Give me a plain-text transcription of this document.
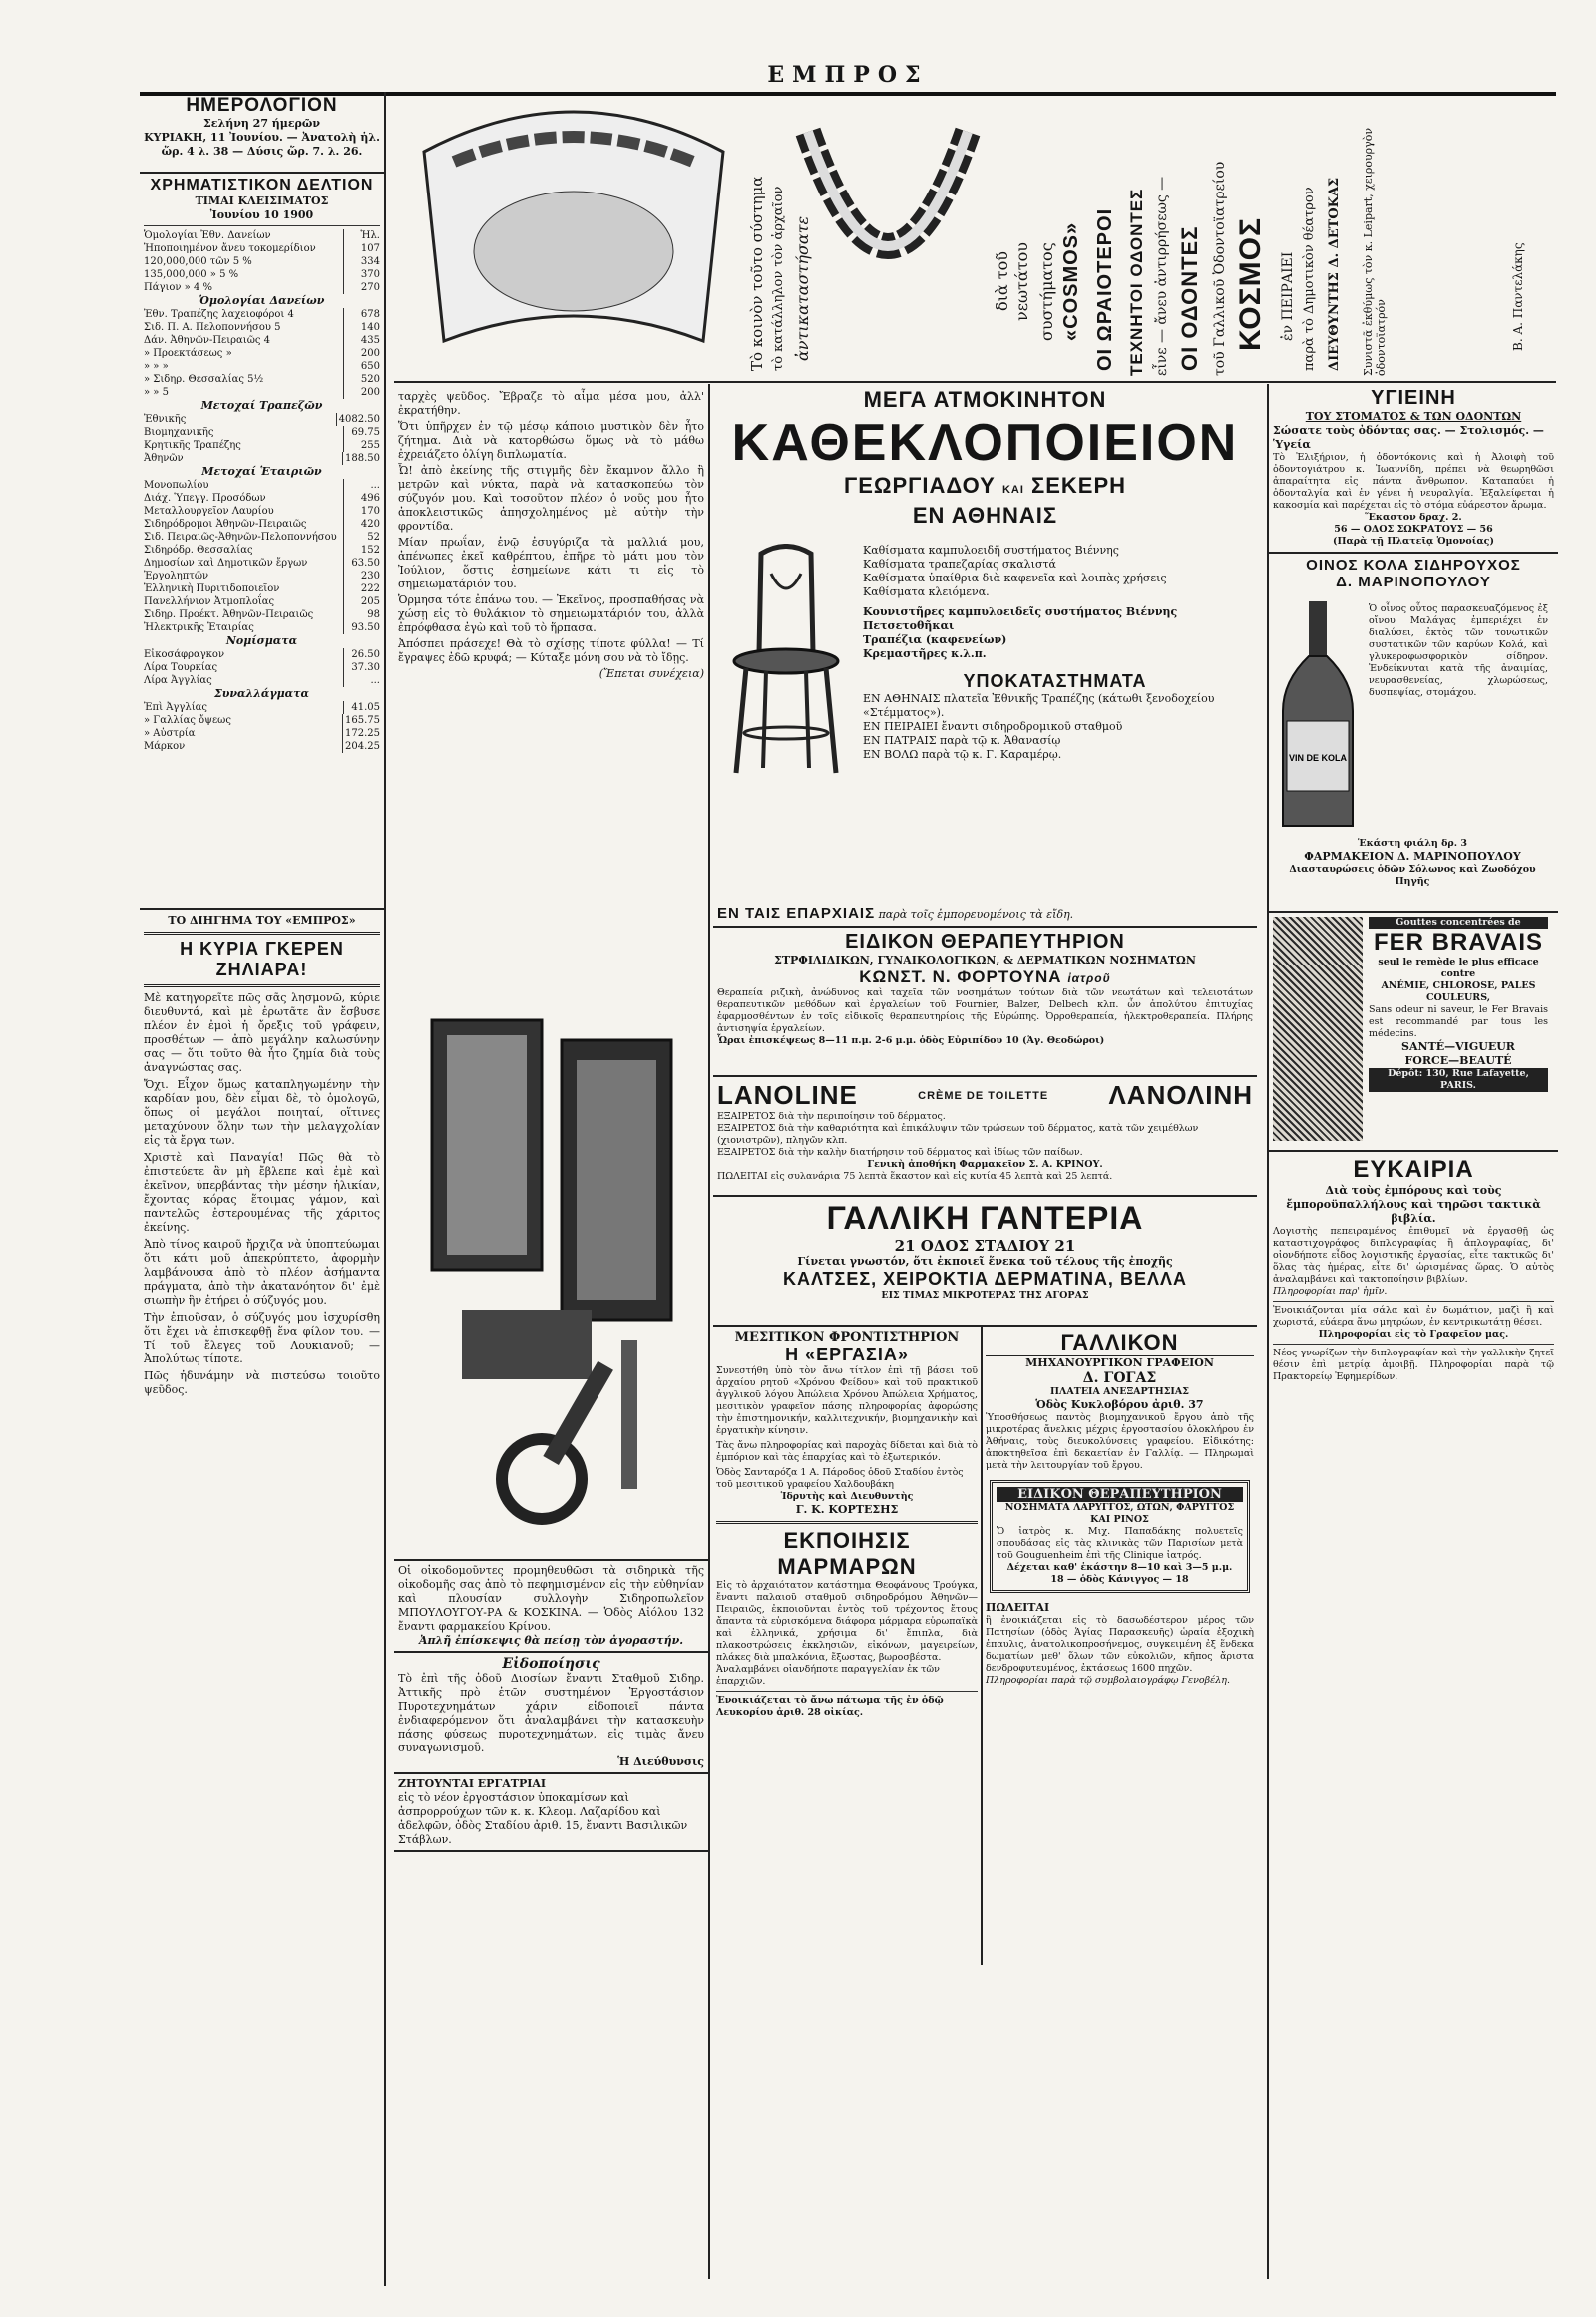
ΕΜΠΡΟΣ
ΗΜΕΡΟΛΟΓΙΟΝ
Σελήνη 27 ήμερῶν
ΚΥΡΙΑΚΗ, 11 Ἰουνίου. — Ἀνατολὴ ἡλ.
ὥρ. 4 λ. 38 — Δύσις ὥρ. 7. λ. 26.
ΧΡΗΜΑΤΙΣΤΙΚΟΝ ΔΕΛΤΙΟΝ
ΤΙΜΑΙ ΚΛΕΙΣΙΜΑΤΟΣ
Ἰουνίου 10 1900
Ὁμολογίαι Ἐθν. Δανείων	Ἡλ.
Ἡποποιημένον ἄνευ τοκομερίδιον	107
120,000,000 τῶν 5 %	334
135,000,000 » 5 %	370
Πάγιον » 4 %	270
Ὁμολογίαι Δανείων
Ἐθν. Τραπέζης λαχειοφόροι 4	678
Σιδ. Π. Α. Πελοποννήσου 5	140
Δάν. Ἀθηνῶν-Πειραιῶς 4	435
» Προεκτάσεως »	200
» » »	650
» Σιδηρ. Θεσσαλίας 5½	520
» » 5	200
Μετοχαί Τραπεζῶν
Ἐθνικῆς	4082.50
Βιομηχανικῆς	69.75
Κρητικῆς Τραπέζης	255
Ἀθηνῶν	188.50
Μετοχαί Ἑταιριῶν
Μονοπωλίου	...
Διάχ. Ὑπεγγ. Προσόδων	496
Μεταλλουργεῖον Λαυρίου	170
Σιδηρόδρομοι Ἀθηνῶν-Πειραιῶς	420
Σιδ. Πειραιῶς-Ἀθηνῶν-Πελοποννήσου	52
Σιδηρόδρ. Θεσσαλίας	152
Δημοσίων καὶ Δημοτικῶν ἔργων	63.50
Ἐργοληπτῶν	230
Ἑλληνικὴ Πυριτιδοποιεῖον	222
Πανελλήνιον Ἀτμοπλοΐας	205
Σιδηρ. Προέκτ. Ἀθηνῶν-Πειραιῶς	98
Ἠλεκτρικῆς Ἑταιρίας	93.50
Νομίσματα
Εἰκοσάφραγκον	26.50
Λίρα Τουρκίας	37.30
Λίρα Ἀγγλίας	...
Συναλλάγματα
Ἐπὶ Ἀγγλίας	41.05
» Γαλλίας ὄψεως	165.75
» Αὐστρία	172.25
Μάρκον	204.25
ΤΟ ΔΙΗΓΗΜΑ ΤΟΥ «ΕΜΠΡΟΣ»
Η ΚΥΡΙΑ ΓΚΕΡΕΝ ΖΗΛΙΑΡΑ!

Μὲ κατηγορεῖτε πῶς σᾶς λησμονῶ, κύριε διευθυντά, καὶ μὲ ἐρωτᾶτε ἂν ἔσβυσε πλέον ἐν ἐμοὶ ἡ ὄρεξις τοῦ γράφειν, προσθέτων — ἀπὸ μεγάλην καλωσύνην σας — ὅτι τοῦτο θὰ ἦτο ζημία διὰ τοὺς ἀναγνώστας σας.

Ὄχι. Εἶχον ὅμως καταπληγωμένην τὴν καρδίαν μου, δὲν εἶμαι δὲ, τὸ ὁμολογῶ, ὅπως οἱ μεγάλοι ποιηταί, οἵτινες μεταχύνουν ὅλην των τὴν μελαγχολίαν εἰς τὰ ἔργα των.

Χριστὲ καὶ Παναγία! Πῶς θὰ τὸ ἐπιστεύετε ἂν μὴ ἔβλεπε καὶ ἐμὲ καὶ ἐκεῖνον, ὑπερβάντας τὴν μέσην ἡλικίαν, ἔχοντας κόρας ἕτοιμας γάμον, καὶ παντελῶς ἐστερουμένας τῆς χάριτος ἐκείνης.

Ἀπὸ τίνος καιροῦ ἤρχιζα νὰ ὑποπτεύωμαι ὅτι κάτι μοῦ ἀπεκρύπτετο, ἀφορμὴν λαμβάνουσα ἀπὸ τὸ πλέον ἀσήμαντα πράγματα, ἀπὸ τὴν ἀκατανόητον δι' ἐμὲ σιωπὴν ἣν ἐτήρει ὁ σύζυγός μου.

Τὴν ἐπιοῦσαν, ὁ σύζυγός μου ἰσχυρίσθη ὅτι ἔχει νὰ ἐπισκεφθῇ ἕνα φίλον του. — Τί τοῦ ἔλεγες τοῦ Λουκιανοῦ; — Ἀπολύτως τίποτε.

Πῶς ἠδυνάμην νὰ πιστεύσω τοιοῦτο ψεῦδος.

Τὸ κοινὸν τοῦτο σύστημα τὸ κατάλληλον τὸν ἀρχαῖον ἀντικαταστήσατε	διὰ τοῦ νεωτάτου συστήματος «COSMOS» ΟΙ ΩΡΑΙΟΤΕΡΟΙ ΤΕΧΝΗΤΟΙ ΟΔΟΝΤΕΣ εἶνε — ἄνευ ἀντιρρήσεως — ΟΙ ΟΔΟΝΤΕΣ τοῦ Γαλλικοῦ Ὀδοντοϊατρείου ΚΟΣΜΟΣ ἐν ΠΕΙΡΑΙΕΙ παρὰ τὸ Δημοτικὸν θέατρον ΔΙΕΥΘΥΝΤΗΣ Δ. ΔΕΤΟΚΑΣ Συνιστᾶ ἐκθύμως τὸν κ. Leipart, χειρουργὸν ὀδοντοϊατρόν	Β. Α. Παντελάκης

ταρχὲς ψεῦδος. Ἔβραζε τὸ αἷμα μέσα μου, ἀλλ' ἐκρατήθην.

Ὅτι ὑπῆρχεν ἐν τῷ μέσῳ κάποιο μυστικὸν δὲν ἦτο ζήτημα. Διὰ νὰ κατορθώσω ὅμως νὰ τὸ μάθω ἐχρειάζετο ὀλίγη διπλωματία.

Ὦ! ἀπὸ ἐκείνης τῆς στιγμῆς δὲν ἔκαμνον ἄλλο ἢ μετρῶν καὶ νύκτα, παρὰ νὰ κατασκοπεύω τὸν σύζυγόν μου. Καὶ τοσοῦτον πλέον ὁ νοῦς μου ἦτο ἀποκλειστικῶς ἀπησχολημένος μὲ αὐτὴν τὴν φροντίδα.

Μίαν πρωΐαν, ἐνῷ ἐσυγύριζα τὰ μαλλιά μου, ἀπένωπες ἐκεῖ καθρέπτου, ἐπῆρε τὸ μάτι μου τὸν Ἰούλιον, ὅστις ἐσημείωνε κάτι τι εἰς τὸ σημειωματάριόν του.

Ὁρμησα τότε ἐπάνω του. — Ἐκεῖνος, προσπαθήσας νὰ χώσῃ εἰς τὸ θυλάκιον τὸ σημειωματάριόν του, ἀλλὰ ἐπρόφθασα ἐγὼ καὶ τοῦ τὸ ἥρπασα.

Ἀπόσπει πράσεχε! Θὰ τὸ σχίσῃς τίποτε φύλλα! — Τί ἔγραψες ἐδῶ κρυφά; — Κύταξε μόνη σου νὰ τὸ ἴδῃς.

(Ἔπεται συνέχεια)
Οἱ οἰκοδομοῦντες προμηθευθῶσι τὰ σιδηρικὰ τῆς οἰκοδομῆς σας ἀπὸ τὸ πεφημισμένον εἰς τὴν εὐθηνίαν καὶ πλουσίαν συλλογὴν Σιδηροπωλεῖον ΜΠΟΥΛΟΥΓΟΥ-ΡΑ & ΚΟΣΚΙΝΑ. — Ὁδὸς Αἰόλου 132 ἔναντι φαρμακείου Κρίνου.
Ἀπλῆ ἐπίσκεψις θὰ πείσῃ τὸν ἀγοραστήν.
Εἰδοποίησις
Τὸ ἐπὶ τῆς ὁδοῦ Διοσίων ἔναντι Σταθμοῦ Σιδηρ. Ἀττικῆς πρὸ ἐτῶν συστημένον Ἐργοστάσιον Πυροτεχνημάτων χάριν εἰδοποιεῖ πάντα ἐνδιαφερόμενον ὅτι ἀναλαμβάνει τὴν κατασκευὴν πάσης φύσεως πυροτεχνημάτων, εἰς τιμὰς ἄνευ συναγωνισμοῦ.
Ἡ Διεύθυνσις
ΖΗΤΟΥΝΤΑΙ ΕΡΓΑΤΡΙΑΙ
εἰς τὸ νέον ἐργοστάσιον ὑποκαμίσων καὶ ἀσπρορρούχων τῶν κ. κ. Κλεομ. Λαζαρίδου καὶ ἀδελφῶν, ὁδὸς Σταδίου ἀριθ. 15, ἔναντι Βασιλικῶν Στάβλων.
ΜΕΓΑ ΑΤΜΟΚΙΝΗΤΟΝ
ΚΑΘΕΚΛΟΠΟΙΕΙΟΝ
ΓΕΩΡΓΙΑΔΟΥ ΚΑΙ ΣΕΚΕΡΗ
ΕΝ ΑΘΗΝΑΙΣ
Καθίσματα καμπυλοειδῆ συστήματος Βιέννης
Καθίσματα τραπεζαρίας σκαλιστά
Καθίσματα ὑπαίθρια διὰ καφενεῖα καὶ λοιπὰς χρήσεις
Καθίσματα κλειόμενα.
Κουνιστῆρες καμπυλοειδεῖς συστήματος Βιέννης
Πετσετοθῆκαι
Τραπέζια (καφενείων)
Κρεμαστῆρες κ.λ.π.
ΥΠΟΚΑΤΑΣΤΗΜΑΤΑ
ΕΝ ΑΘΗΝΑΙΣ πλατεῖα Ἐθνικῆς Τραπέζης (κάτωθι ξενοδοχείου «Στέμματος»).
ΕΝ ΠΕΙΡΑΙΕΙ ἔναντι σιδηροδρομικοῦ σταθμοῦ
ΕΝ ΠΑΤΡΑΙΣ παρὰ τῷ κ. Ἀθανασίῳ
ΕΝ ΒΟΛΩ παρὰ τῷ κ. Γ. Καραμέρῳ.
ΕΝ ΤΑΙΣ ΕΠΑΡΧΙΑΙΣ παρὰ τοῖς ἐμπορευομένοις τὰ εἴδη.
ΕΙΔΙΚΟΝ ΘΕΡΑΠΕΥΤΗΡΙΟΝ
ΣΤΡΦΙΛΙΔΙΚΩΝ, ΓΥΝΑΙΚΟΛΟΓΙΚΩΝ, & ΔΕΡΜΑΤΙΚΩΝ ΝΟΣΗΜΑΤΩΝ
ΚΩΝΣΤ. Ν. ΦΟΡΤΟΥΝΑ ἰατροῦ
Θεραπεία ριζικὴ, ἀνώδυνος καὶ ταχεῖα τῶν νοσημάτων τούτων διὰ τῶν νεωτάτων καὶ τελειοτάτων θεραπευτικῶν μεθόδων καὶ ἐργαλείων τοῦ Fournier, Balzer, Delbech κλπ. ὧν ἀπολύτου ἐπιτυχίας ἐφαρμοσθέντων ἐν τοῖς εἰδικοῖς θεραπευτηρίοις τῆς Εὐρώπης. Ὀρροθεραπεία, ἠλεκτροθεραπεία. Πλήρης ἀντισηψία ἐργαλείων.
Ὧραι ἐπισκέψεως 8—11 π.μ. 2-6 μ.μ. ὁδὸς Εὐριπίδου 10 (Ἁγ. Θεοδώροι)
LANOLINE	CRÈME DE TOILETTE ΛΑΝΟΛΙΝΗ
ΕΞΑΙΡΕΤΟΣ διὰ τὴν περιποίησιν τοῦ δέρματος.
ΕΞΑΙΡΕΤΟΣ διὰ τὴν καθαριότητα καὶ ἐπικάλυψιν τῶν τρώσεων τοῦ δέρματος, κατὰ τῶν χειμέθλων (χιονιστρῶν), πληγῶν κλπ.
ΕΞΑΙΡΕΤΟΣ διὰ τὴν καλὴν διατήρησιν τοῦ δέρματος καὶ ἰδίως τῶν παίδων.
Γενικὴ ἀποθήκη Φαρμακεῖον Σ. Α. ΚΡΙΝΟΥ.
ΠΩΛΕΙΤΑΙ εἰς συλανάρια 75 λεπτὰ ἕκαστον καὶ εἰς κυτία 45 λεπτὰ καὶ 25 λεπτά.
ΓΑΛΛΙΚΗ ΓΑΝΤΕΡΙΑ
21 ΟΔΟΣ ΣΤΑΔΙΟΥ 21
Γίνεται γνωστόν, ὅτι ἐκποιεῖ ἕνεκα τοῦ τέλους τῆς ἐποχῆς
ΚΑΛΤΣΕΣ, ΧΕΙΡΟΚΤΙΑ ΔΕΡΜΑΤΙΝΑ, ΒΕΛΛΑ
ΕΙΣ ΤΙΜΑΣ ΜΙΚΡΟΤΕΡΑΣ ΤΗΣ ΑΓΟΡΑΣ
ΜΕΣΙΤΙΚΟΝ ΦΡΟΝΤΙΣΤΗΡΙΟΝ
Η «ΕΡΓΑΣΙΑ»
Συνεστήθη ὑπὸ τὸν ἄνω τίτλον ἐπὶ τῇ βάσει τοῦ ἀρχαίου ρητοῦ «Χρόνου Φείδου» καὶ τοῦ πρακτικοῦ ἀγγλικοῦ λόγου Ἀπώλεια Χρόνου Ἀπώλεια Χρήματος, μεσιτικὸν γραφεῖον πάσης πληροφορίας ἀφορώσης τὴν ἐπιστημονικήν, καλλιτεχνικήν, βιομηχανικὴν καὶ ἐργατικὴν κίνησιν.
Τὰς ἄνω πληροφορίας καὶ παροχὰς δίδεται καὶ διὰ τὸ ἐμπόριον καὶ τὰς ἐπαρχίας καὶ τὸ ἐξωτερικόν.
Ὁδὸς Σανταρόζα 1 Α. Πάροδος ὁδοῦ Σταδίου ἐντὸς τοῦ μεσιτικοῦ γραφείου Χαλδουβάκη
Ἱδρυτὴς καὶ Διευθυντὴς
Γ. Κ. ΚΟΡΤΕΣΗΣ
ΕΚΠΟΙΗΣΙΣ
ΜΑΡΜΑΡΩΝ
Εἰς τὸ ἀρχαιότατον κατάστημα Θεοφάνους Τρούγκα, ἔναντι παλαιοῦ σταθμοῦ σιδηροδρόμου Ἀθηνῶν—Πειραιῶς, ἐκποιοῦνται ἐντὸς τοῦ τρέχοντος ἔτους ἄπαντα τὰ εὑρισκόμενα διάφορα μάρμαρα εὐρωπαϊκὰ καὶ ἑλληνικά, χρήσιμα δι' ἔπιπλα, διὰ πλακοστρώσεις ἐκκλησιῶν, εἰκόνων, μαγειρείων, πλάκες διὰ μπαλκόνια, ἔξωστας, βωροσβέστα.
Ἀναλαμβάνει οἱανδήποτε παραγγελίαν ἐκ τῶν ἐπαρχιῶν.
Ἐνοικιάζεται τὸ ἄνω πάτωμα τῆς ἐν ὁδῷ Λευκορίου ἀριθ. 28 οἰκίας.
ΓΑΛΛΙΚΟΝ
ΜΗΧΑΝΟΥΡΓΙΚΟΝ ΓΡΑΦΕΙΟΝ
Δ. ΓΟΓΑΣ
ΠΛΑΤΕΙΑ ΑΝΕΞΑΡΤΗΣΙΑΣ
Ὁδὸς Κυκλοβόρου ἀριθ. 37
Ὑποσθήσεως παντὸς βιομηχανικοῦ ἔργου ἀπὸ τῆς μικροτέρας ἄνελκις μέχρις ἐργοστασίου ὁλοκλήρου ἐν Ἀθήναις, τοὺς διευκολύνσεις γραφείου. Εἰδικότης: ἀποκτηθεῖσα ἐπὶ δεκαετίαν ἐν Γαλλίᾳ. — Πληρωμαὶ μετὰ τὴν λειτουργίαν τοῦ ἔργου.
ΕΙΔΙΚΟΝ ΘΕΡΑΠΕΥΤΗΡΙΟΝ
ΝΟΣΗΜΑΤΑ ΛΑΡΥΓΓΟΣ, ΩΤΩΝ, ΦΑΡΥΓΓΟΣ ΚΑΙ ΡΙΝΟΣ
Ὁ ἰατρὸς κ. Μιχ. Παπαδάκης πολυετεῖς σπουδάσας εἰς τὰς κλινικὰς τῶν Παρισίων μετὰ τοῦ Gouguenheim ἐπὶ τῆς Clinique ἰατρός.
Δέχεται καθ' ἑκάστην 8—10 καὶ 3—5 μ.μ.
18 — ὁδὸς Κάνιγγος — 18
ΠΩΛΕΙΤΑΙ
ἢ ἐνοικιάζεται εἰς τὸ δασωδέστερον μέρος τῶν Πατησίων (ὁδὸς Ἁγίας Παρασκευῆς) ὡραία ἐξοχικὴ ἐπαυλις, ἀνατολικοπροσήνεμος, συγκειμένη ἐξ ἕνδεκα δωματίων μεθ' ὅλων τῶν εὐκολιῶν, κῆπος ἄριστα δενδροφυτευμένος, ἐκτάσεως 1600 πηχῶν.
Πληροφορίαι παρὰ τῷ συμβολαιογράφῳ Γενοβέλη.
ΥΓΙΕΙΝΗ
ΤΟΥ ΣΤΟΜΑΤΟΣ & ΤΩΝ ΟΔΟΝΤΩΝ
Σώσατε τοὺς ὀδόντας σας. — Στολισμός. — Ὑγεία
Τὸ Ἐλιξήριον, ἡ ὀδοντόκονις καὶ ἡ Ἀλοιφὴ τοῦ ὀδοντογιάτρου κ. Ἰωαννίδη, πρέπει νὰ θεωρηθῶσι ἀπαραίτητα εἰς πάντα ἄνθρωπον. Καταπαύει ἡ ὀδονταλγία καὶ ἐν γένει ἡ νευραλγία. Ἐξαλείφεται ἡ κακοσμία καὶ παρέχεται εἰς τὸ στόμα εὐάρεστον ἄρωμα.
Ἕκαστον δραχ. 2.
56 — ΟΔΟΣ ΣΩΚΡΑΤΟΥΣ — 56
(Παρὰ τῇ Πλατεῖᾳ Ὁμονοίας)
ΟΙΝΟΣ ΚΟΛΑ ΣΙΔΗΡΟΥΧΟΣ
Δ. ΜΑΡΙΝΟΠΟΥΛΟΥ
VIN DE KOLA
Ὁ οἶνος οὗτος παρασκευαζόμενος ἐξ οἴνου Μαλάγας ἐμπεριέχει ἐν διαλύσει, ἐκτὸς τῶν τονωτικῶν συστατικῶν τῶν καρύων Κολά, καὶ γλυκεροφωσφορικὸν σίδηρον. Ἐνδείκνυται κατὰ τῆς ἀναιμίας, νευρασθενείας, χλωρώσεως, δυσπεψίας, στομάχου.
Ἑκάστη φιάλη δρ. 3
ΦΑΡΜΑΚΕΙΟΝ Δ. ΜΑΡΙΝΟΠΟΥΛΟΥ
Διασταυρώσεις ὁδῶν Σόλωνος καὶ Ζωοδόχου Πηγῆς
Gouttes concentrées de
FER BRAVAIS
seul le remède le plus efficace contre
ANÉMIE, CHLOROSE, PALES COULEURS,
Sans odeur ni saveur, le Fer Bravais est recommandé par tous les médecins.
SANTÉ—VIGUEUR
FORCE—BEAUTÉ
Dépôt: 130, Rue Lafayette, PARIS.
ΕΥΚΑΙΡΙΑ
Διὰ τοὺς ἐμπόρους καὶ τοὺς ἔμποροϋπαλλήλους καὶ τηρῶσι τακτικὰ βιβλία.
Λογιστὴς πεπειραμένος ἐπιθυμεῖ νὰ ἐργασθῇ ὡς καταστιχογράφος διπλογραφίας ἢ ἁπλογραφίας, δι' οἱονδήποτε εἶδος λογιστικῆς ἐργασίας, εἶτε τακτικῶς δι' ὅλας τὰς ἡμέρας, εἶτε δι' ὡρισμένας ὥρας. Ὁ αὐτὸς ἀναλαμβάνει καὶ τακτοποίησιν βιβλίων.
Πληροφορίαι παρ' ἡμῖν.
Ἐνοικιάζονται μία σάλα καὶ ἐν δωμάτιον, μαζὶ ἢ καὶ χωριστά, εὐάερα ἅνω μητρώων, ἐν κεντρικωτάτῃ θέσει.
Πληροφορίαι εἰς τὸ Γραφεῖον μας.
Νέος γνωρίζων τὴν διπλογραφίαν καὶ τὴν γαλλικὴν ζητεῖ θέσιν ἐπὶ μετρίᾳ ἀμοιβῇ. Πληροφορίαι παρὰ τῷ Πρακτορείῳ Ἐφημερίδων.
